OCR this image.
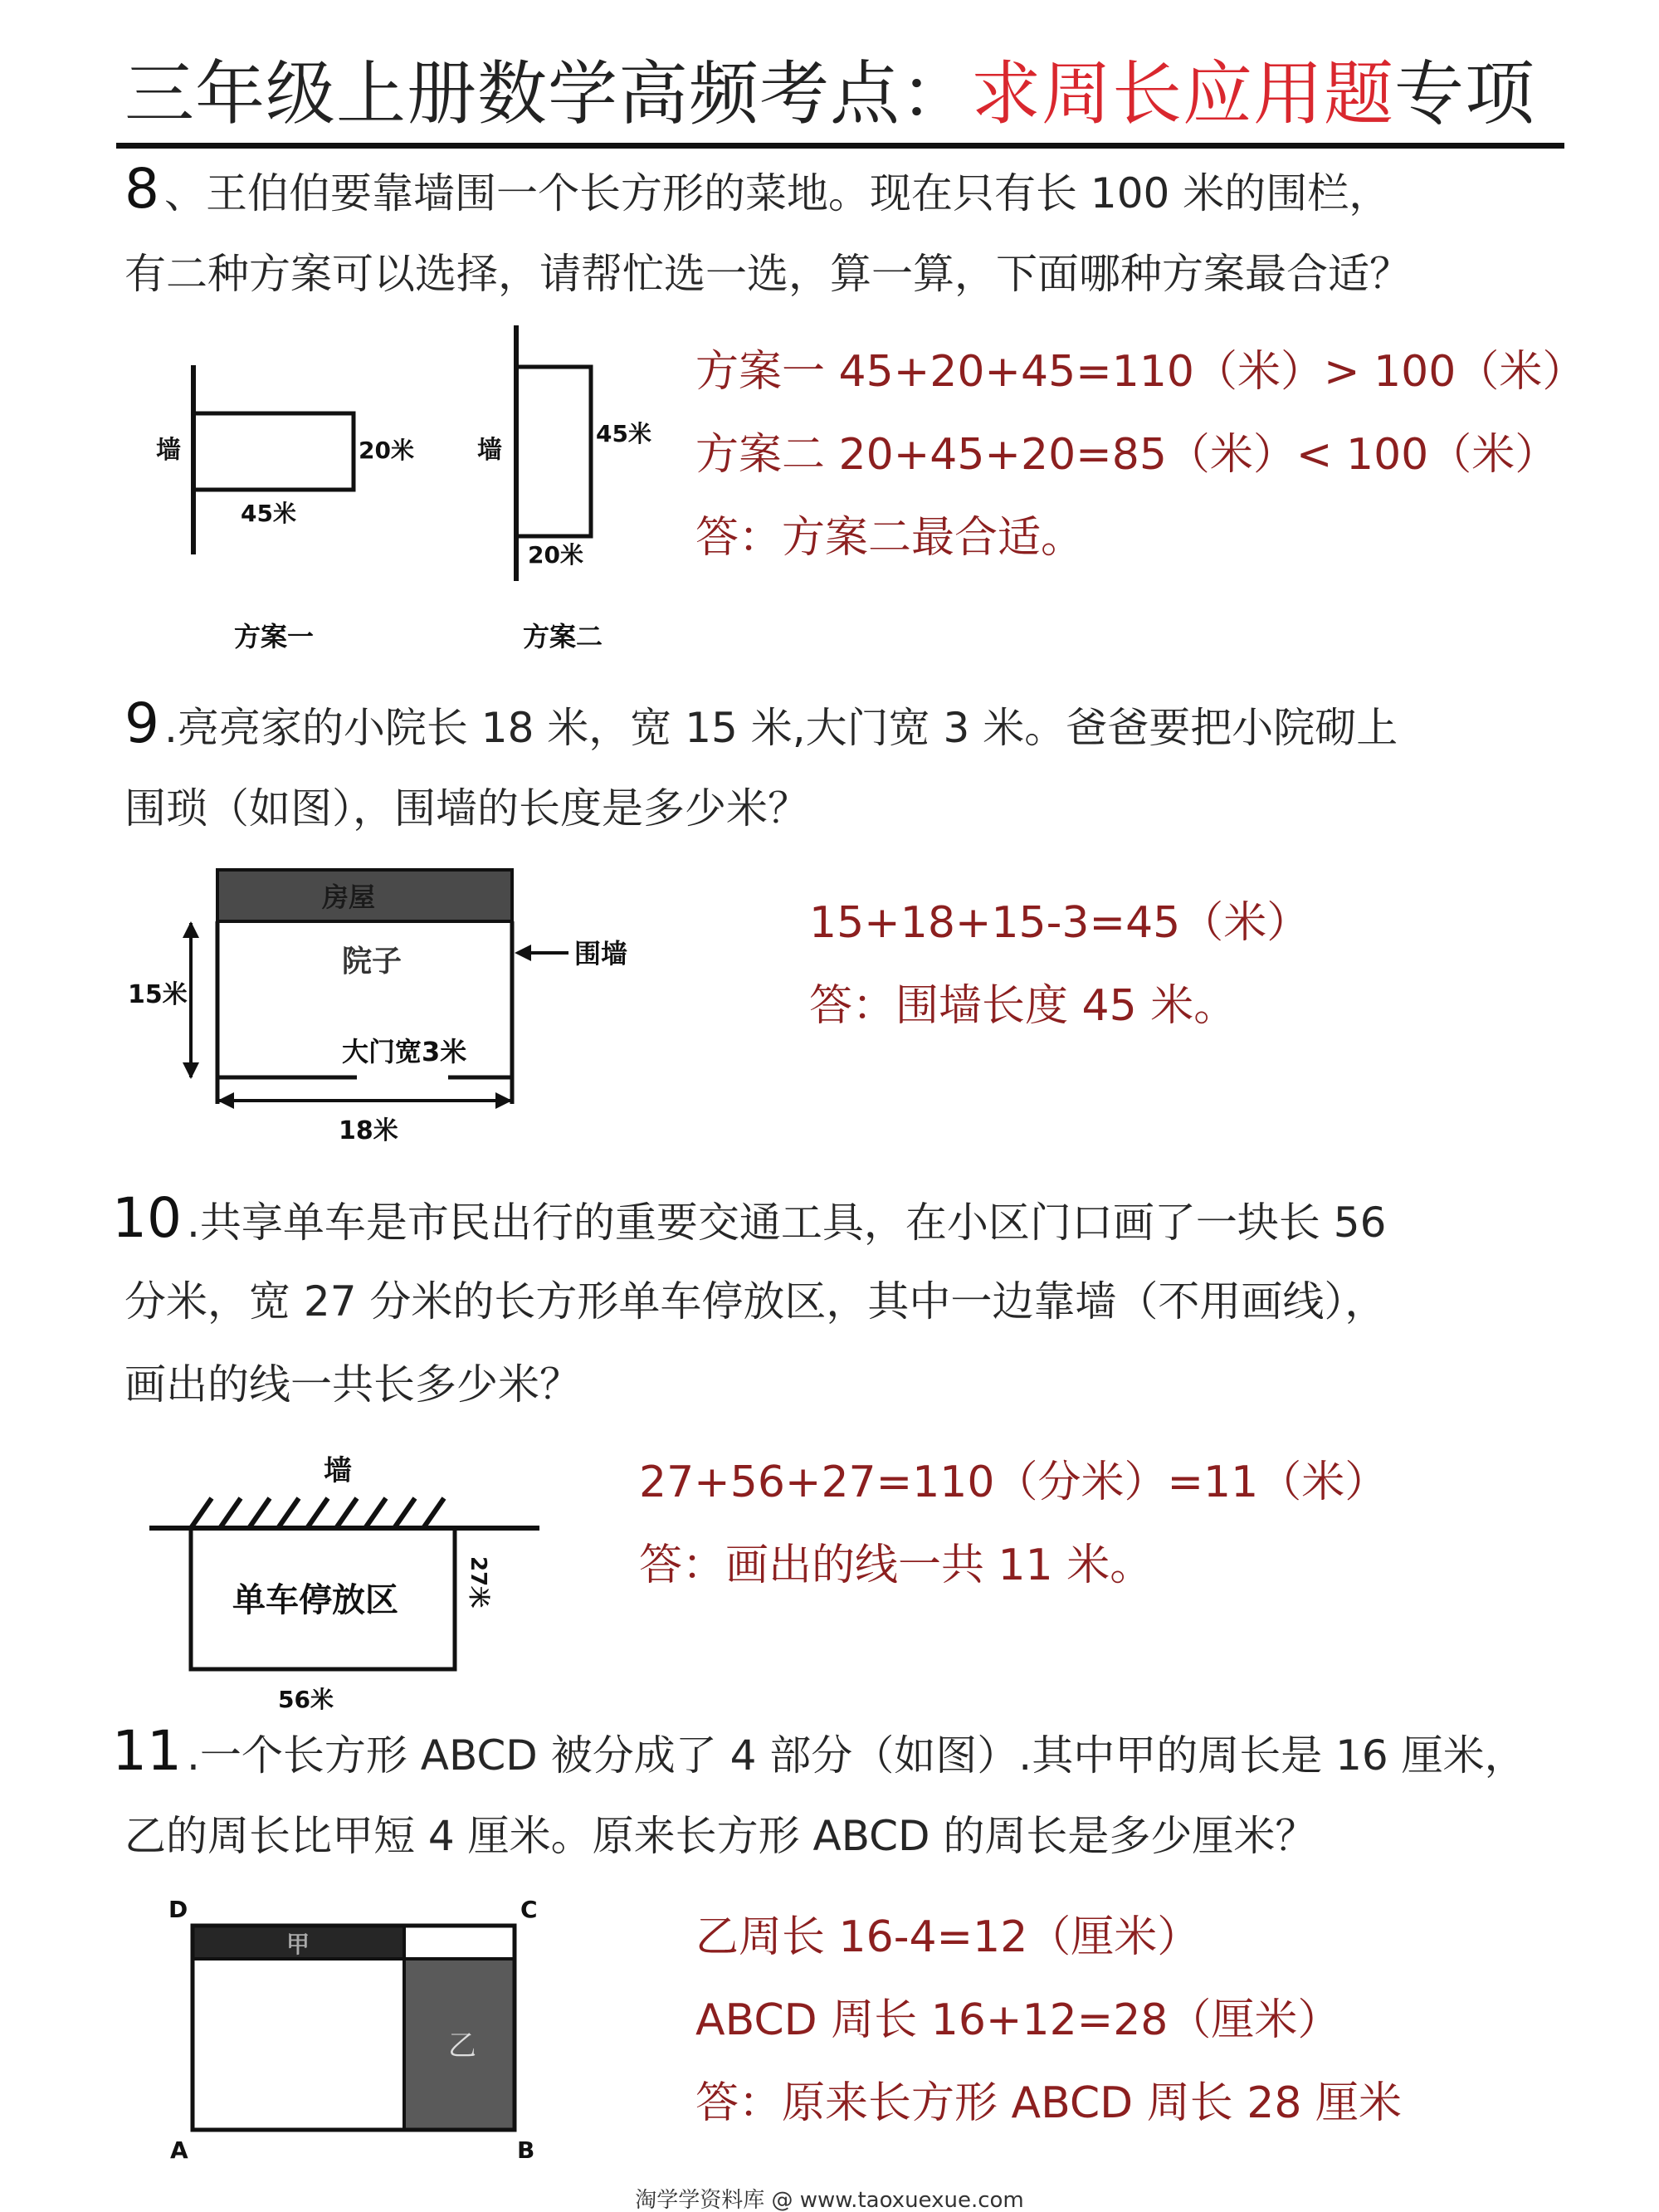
三年级上册数学高频考点：求周长应用题专项
8 、王伯伯要靠墙围一个长方形的菜地。现在只有长 100 米的围栏，
有二种方案可以选择，请帮忙选一选，算一算，下面哪种方案最合适？
墙	20米
45米
方案一
墙
45米
20米
方案二
方案一 45+20+45=110（米）> 100（米）
方案二 20+45+20=85（米）< 100（米）
答：方案二最合适。
9 .亮亮家的小院长 18 米，宽 15 米,大门宽 3 米。爸爸要把小院砌上
围琐（如图），围墙的长度是多少米？
房屋
院子	围墙
15米
大门宽3米
18米
15+18+15-3=45（米）
答：围墙长度 45 米。
10 .共享单车是市民出行的重要交通工具，在小区门口画了一块长 56
分米，宽 27 分米的长方形单车停放区，其中一边靠墙（不用画线），
画出的线一共长多少米？
墙
单车停放区	27米
56米
27+56+27=110（分米）=11（米）
答：画出的线一共 11 米。
11 .一个长方形 ABCD 被分成了 4 部分（如图）.其中甲的周长是 16 厘米，
乙的周长比甲短 4 厘米。原来长方形 ABCD 的周长是多少厘米？
甲
乙
D	C
A	B
乙周长 16-4=12（厘米）
ABCD 周长 16+12=28（厘米）
答：原来长方形 ABCD 周长 28 厘米
淘学学资料库 @ www.taoxuexue.com
